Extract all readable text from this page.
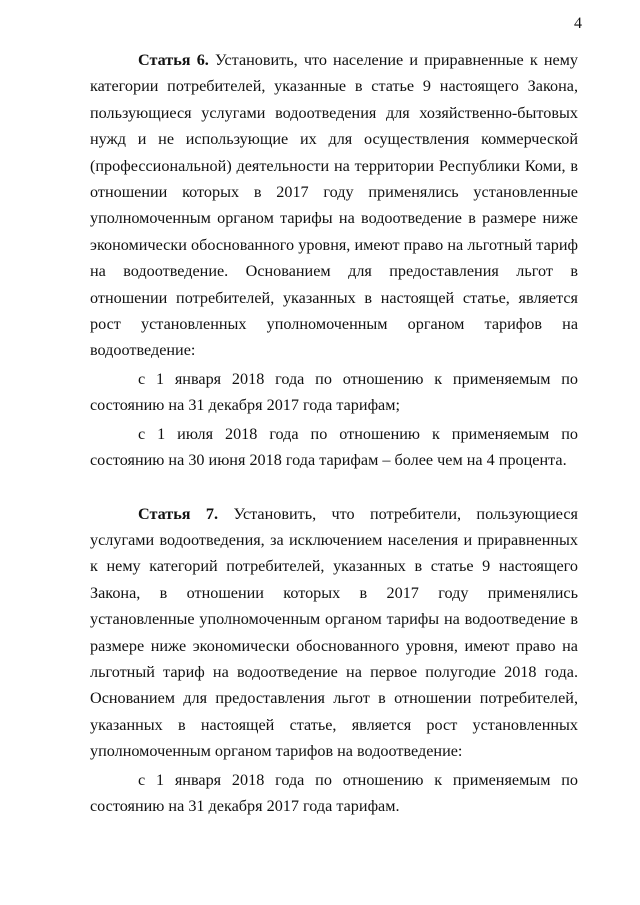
4

Статья 6. Установить, что население и приравненные к нему категории потребителей, указанные в статье 9 настоящего Закона, пользующиеся услугами водоотведения для хозяйственно-бытовых нужд и не использующие их для осуществления коммерческой (профессиональной) деятельности на территории Республики Коми, в отношении которых в 2017 году применялись установленные уполномоченным органом тарифы на водоотведение в размере ниже экономически обоснованного уровня, имеют право на льготный тариф на водоотведение. Основанием для предоставления льгот в отношении потребителей, указанных в настоящей статье, является рост установленных уполномоченным органом тарифов на водоотведение:

с 1 января 2018 года по отношению к применяемым по состоянию на 31 декабря 2017 года тарифам;

с 1 июля 2018 года по отношению к применяемым по состоянию на 30 июня 2018 года тарифам – более чем на 4 процента.

Статья 7. Установить, что потребители, пользующиеся услугами водоотведения, за исключением населения и приравненных к нему категорий потребителей, указанных в статье 9 настоящего Закона, в отношении которых в 2017 году применялись установленные уполномоченным органом тарифы на водоотведение в размере ниже экономически обоснованного уровня, имеют право на льготный тариф на водоотведение на первое полугодие 2018 года. Основанием для предоставления льгот в отношении потребителей, указанных в настоящей статье, является рост установленных уполномоченным органом тарифов на водоотведение:

с 1 января 2018 года по отношению к применяемым по состоянию на 31 декабря 2017 года тарифам.
